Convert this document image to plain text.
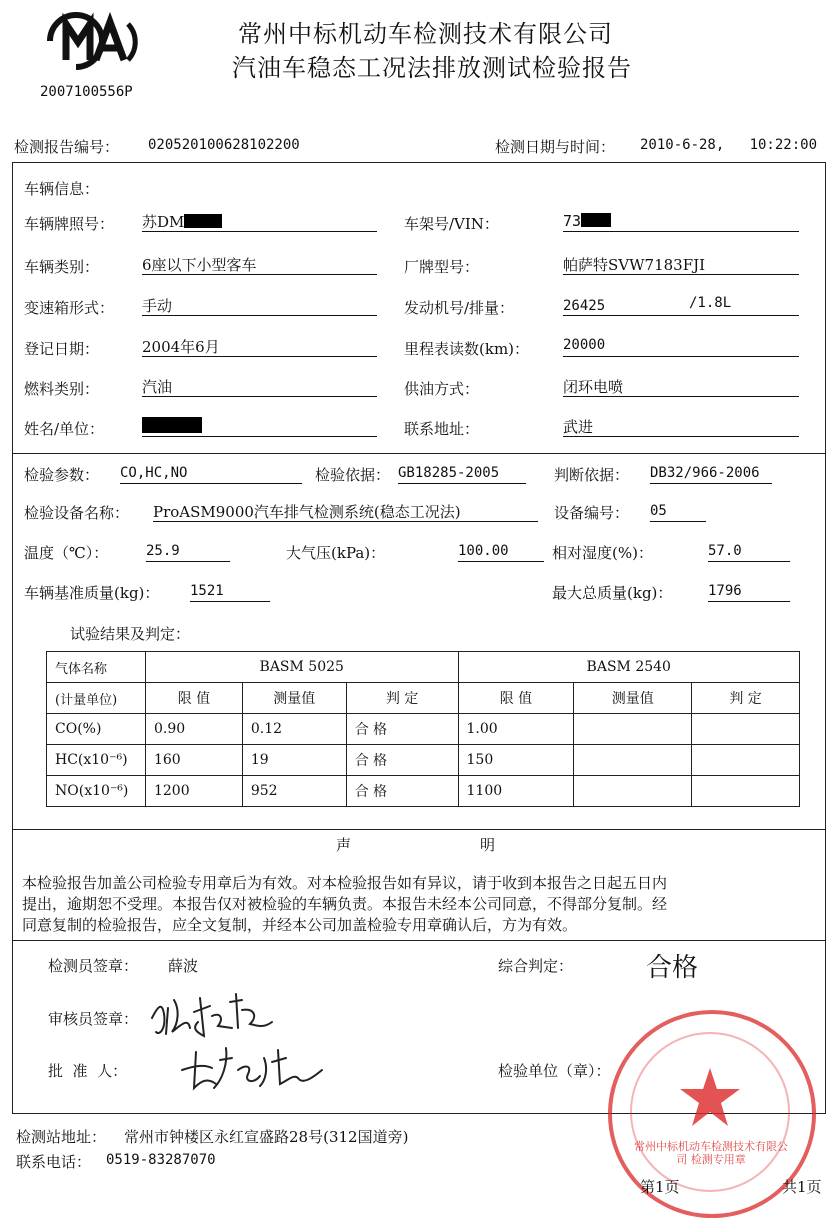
2007100556P
常州中标机动车检测技术有限公司
汽油车稳态工况法排放测试检验报告
检测报告编号： 020520100628102200	检测日期与时间： 2010-6-28,   10:22:00
车辆信息：
车辆牌照号： 苏DM	车架号/VIN：	73
车辆类别：	6座以下小型客车	厂牌型号：	帕萨特SVW7183FJI
变速箱形式： 手动	发动机号/排量：	26425	/1.8L
登记日期：	2004年6月	里程表读数(km)： 20000
燃料类别：	汽油	供油方式：	闭环电喷
姓名/单位：	联系地址：	武进
检验参数： CO,HC,NO	检验依据： GB18285-2005	判断依据： DB32/966-2006
检验设备名称： ProASM9000汽车排气检测系统(稳态工况法)	设备编号： 05
温度（℃）：	25.9	大气压(kPa)：	100.00	相对湿度(%)：	57.0
车辆基准质量(kg)： 1521	最大总质量(kg)：	1796
试验结果及判定：
气体名称	BASM 5025			BASM 2540		
(计量单位)	限 值	测量值	判 定	限 值	测量值	判 定
CO(%)	0.90	0.12	合 格	1.00		
HC(x10⁻⁶)	160	19	合 格	150		
NO(x10⁻⁶)	1200	952	合 格	1100		
声	明
本检验报告加盖公司检验专用章后为有效。对本检验报告如有异议，请于收到本报告之日起五日内
提出，逾期恕不受理。本报告仅对被检验的车辆负责。本报告未经本公司同意，不得部分复制。经
同意复制的检验报告，应全文复制，并经本公司加盖检验专用章确认后，方为有效。
检测员签章： 薛波	综合判定：	合格
审核员签章：
批  准  人：	检验单位（章）：
常州中标机动车检测技术有限公司 检测专用章
检测站地址： 常州市钟楼区永红宣盛路28号(312国道旁)
联系电话： 0519-83287070
第1页	共1页
